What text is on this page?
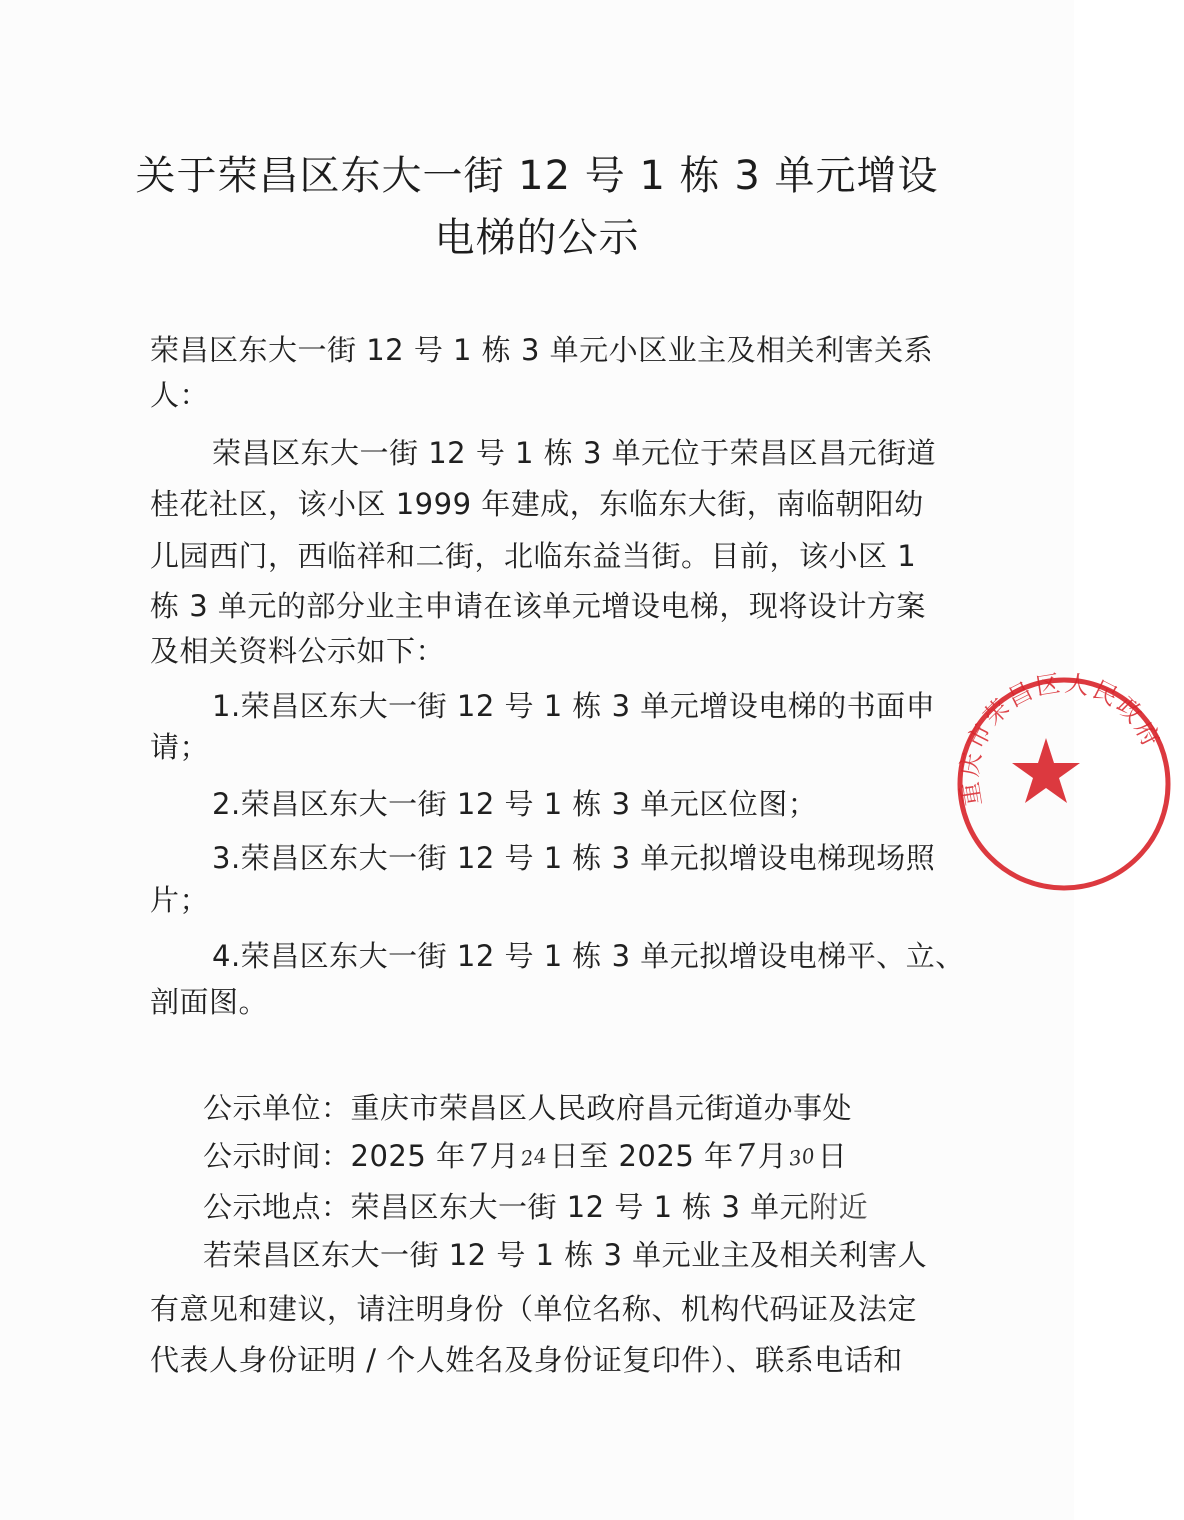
关于荣昌区东大一街 12 号 1 栋 3 单元增设
电梯的公示
荣昌区东大一街 12 号 1 栋 3 单元小区业主及相关利害关系
人：
荣昌区东大一街 12 号 1 栋 3 单元位于荣昌区昌元街道
桂花社区，该小区 1999 年建成，东临东大街，南临朝阳幼
儿园西门，西临祥和二街，北临东益当街。目前，该小区 1
栋 3 单元的部分业主申请在该单元增设电梯，现将设计方案
及相关资料公示如下：
1.荣昌区东大一街 12 号 1 栋 3 单元增设电梯的书面申
请；
2.荣昌区东大一街 12 号 1 栋 3 单元区位图；
3.荣昌区东大一街 12 号 1 栋 3 单元拟增设电梯现场照
片；
4.荣昌区东大一街 12 号 1 栋 3 单元拟增设电梯平、立、
剖面图。
公示单位：重庆市荣昌区人民政府昌元街道办事处
公示时间：2025 年7月24日至 2025 年7月30日
公示地点：荣昌区东大一街 12 号 1 栋 3 单元附近
若荣昌区东大一街 12 号 1 栋 3 单元业主及相关利害人
有意见和建议，请注明身份（单位名称、机构代码证及法定
代表人身份证明 / 个人姓名及身份证复印件）、联系电话和
重庆市荣昌区人民政府
